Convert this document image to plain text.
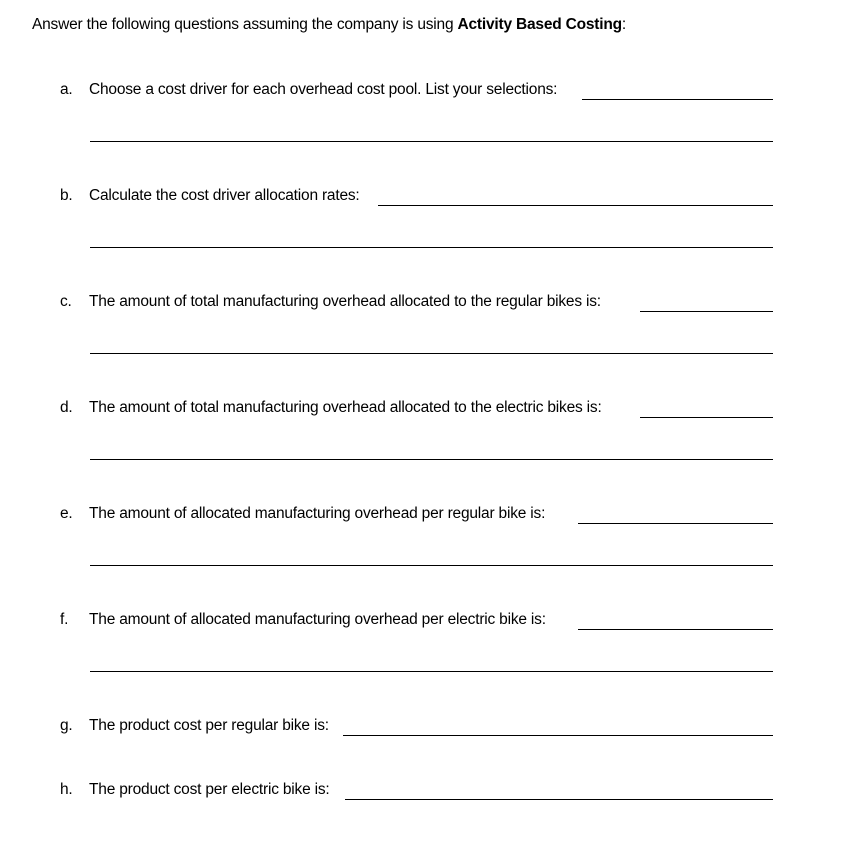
Answer the following questions assuming the company is using Activity Based Costing:
a. Choose a cost driver for each overhead cost pool. List your selections:
b. Calculate the cost driver allocation rates:
c. The amount of total manufacturing overhead allocated to the regular bikes is:
d. The amount of total manufacturing overhead allocated to the electric bikes is:
e. The amount of allocated manufacturing overhead per regular bike is:
f. The amount of allocated manufacturing overhead per electric bike is:
g. The product cost per regular bike is:
h. The product cost per electric bike is:
